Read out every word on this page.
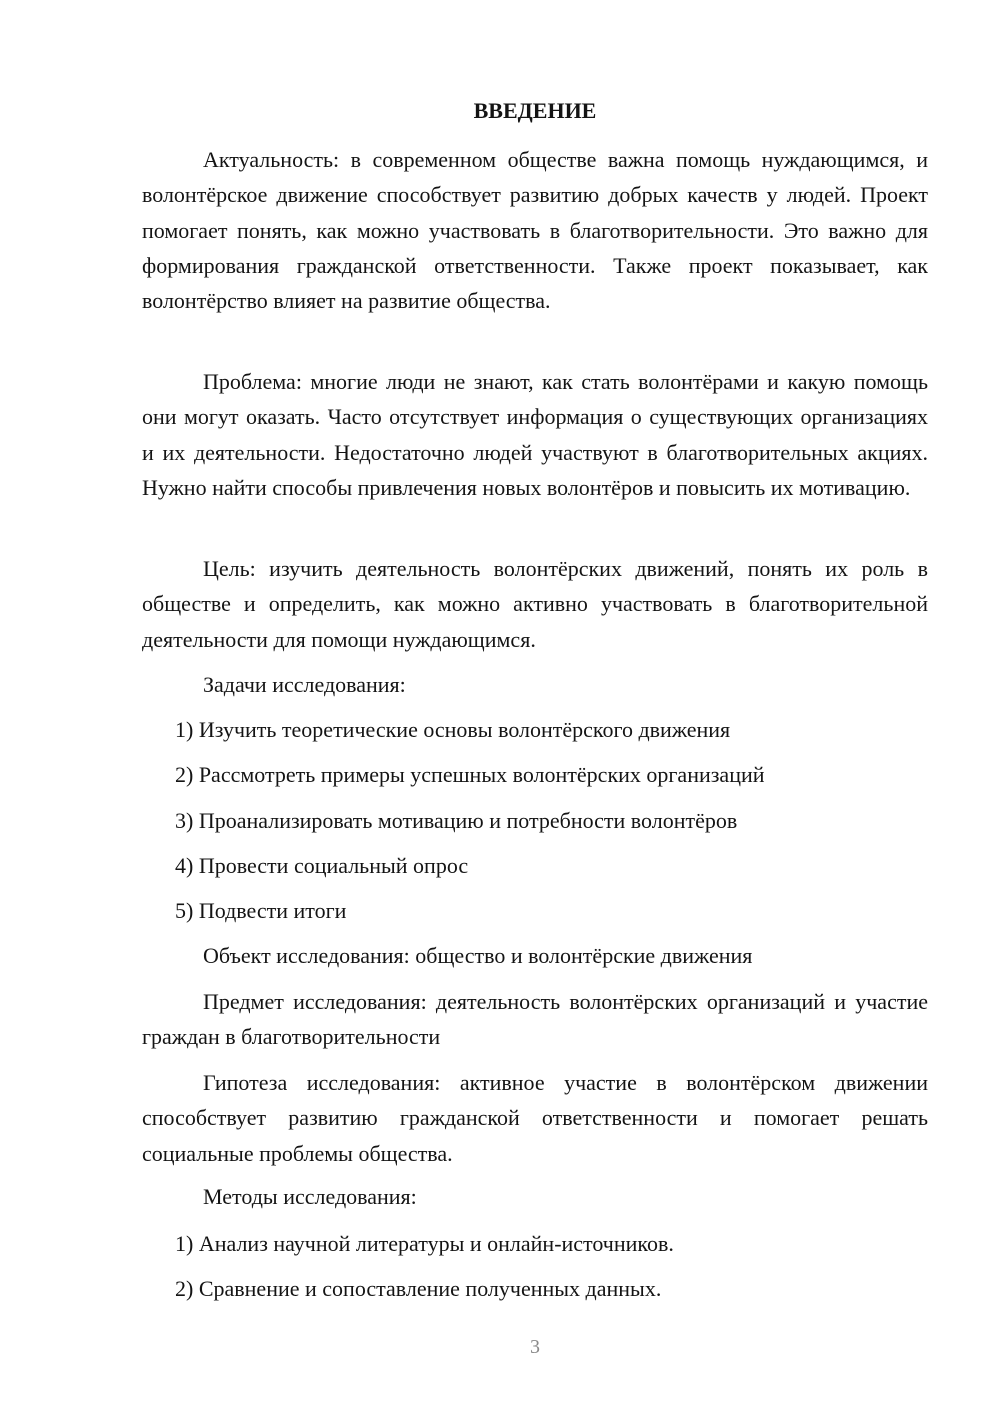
ВВЕДЕНИЕ

Актуальность: в современном обществе важна помощь нуждающимся, и волонтёрское движение способствует развитию добрых качеств у людей. Проект помогает понять, как можно участвовать в благотворительности. Это важно для формирования гражданской ответственности. Также проект показывает, как волонтёрство влияет на развитие общества.

Проблема: многие люди не знают, как стать волонтёрами и какую помощь они могут оказать. Часто отсутствует информация о существующих организациях и их деятельности. Недостаточно людей участвуют в благотворительных акциях. Нужно найти способы привлечения новых волонтёров и повысить их мотивацию.

Цель: изучить деятельность волонтёрских движений, понять их роль в обществе и определить, как можно активно участвовать в благотворительной деятельности для помощи нуждающимся.

Задачи исследования:

1) Изучить теоретические основы волонтёрского движения

2) Рассмотреть примеры успешных волонтёрских организаций

3) Проанализировать мотивацию и потребности волонтёров

4) Провести социальный опрос

5) Подвести итоги

Объект исследования: общество и волонтёрские движения

Предмет исследования: деятельность волонтёрских организаций и участие граждан в благотворительности

Гипотеза исследования: активное участие в волонтёрском движении способствует развитию гражданской ответственности и помогает решать социальные проблемы общества.

Методы исследования:

1) Анализ научной литературы и онлайн-источников.

2) Сравнение и сопоставление полученных данных.

3
